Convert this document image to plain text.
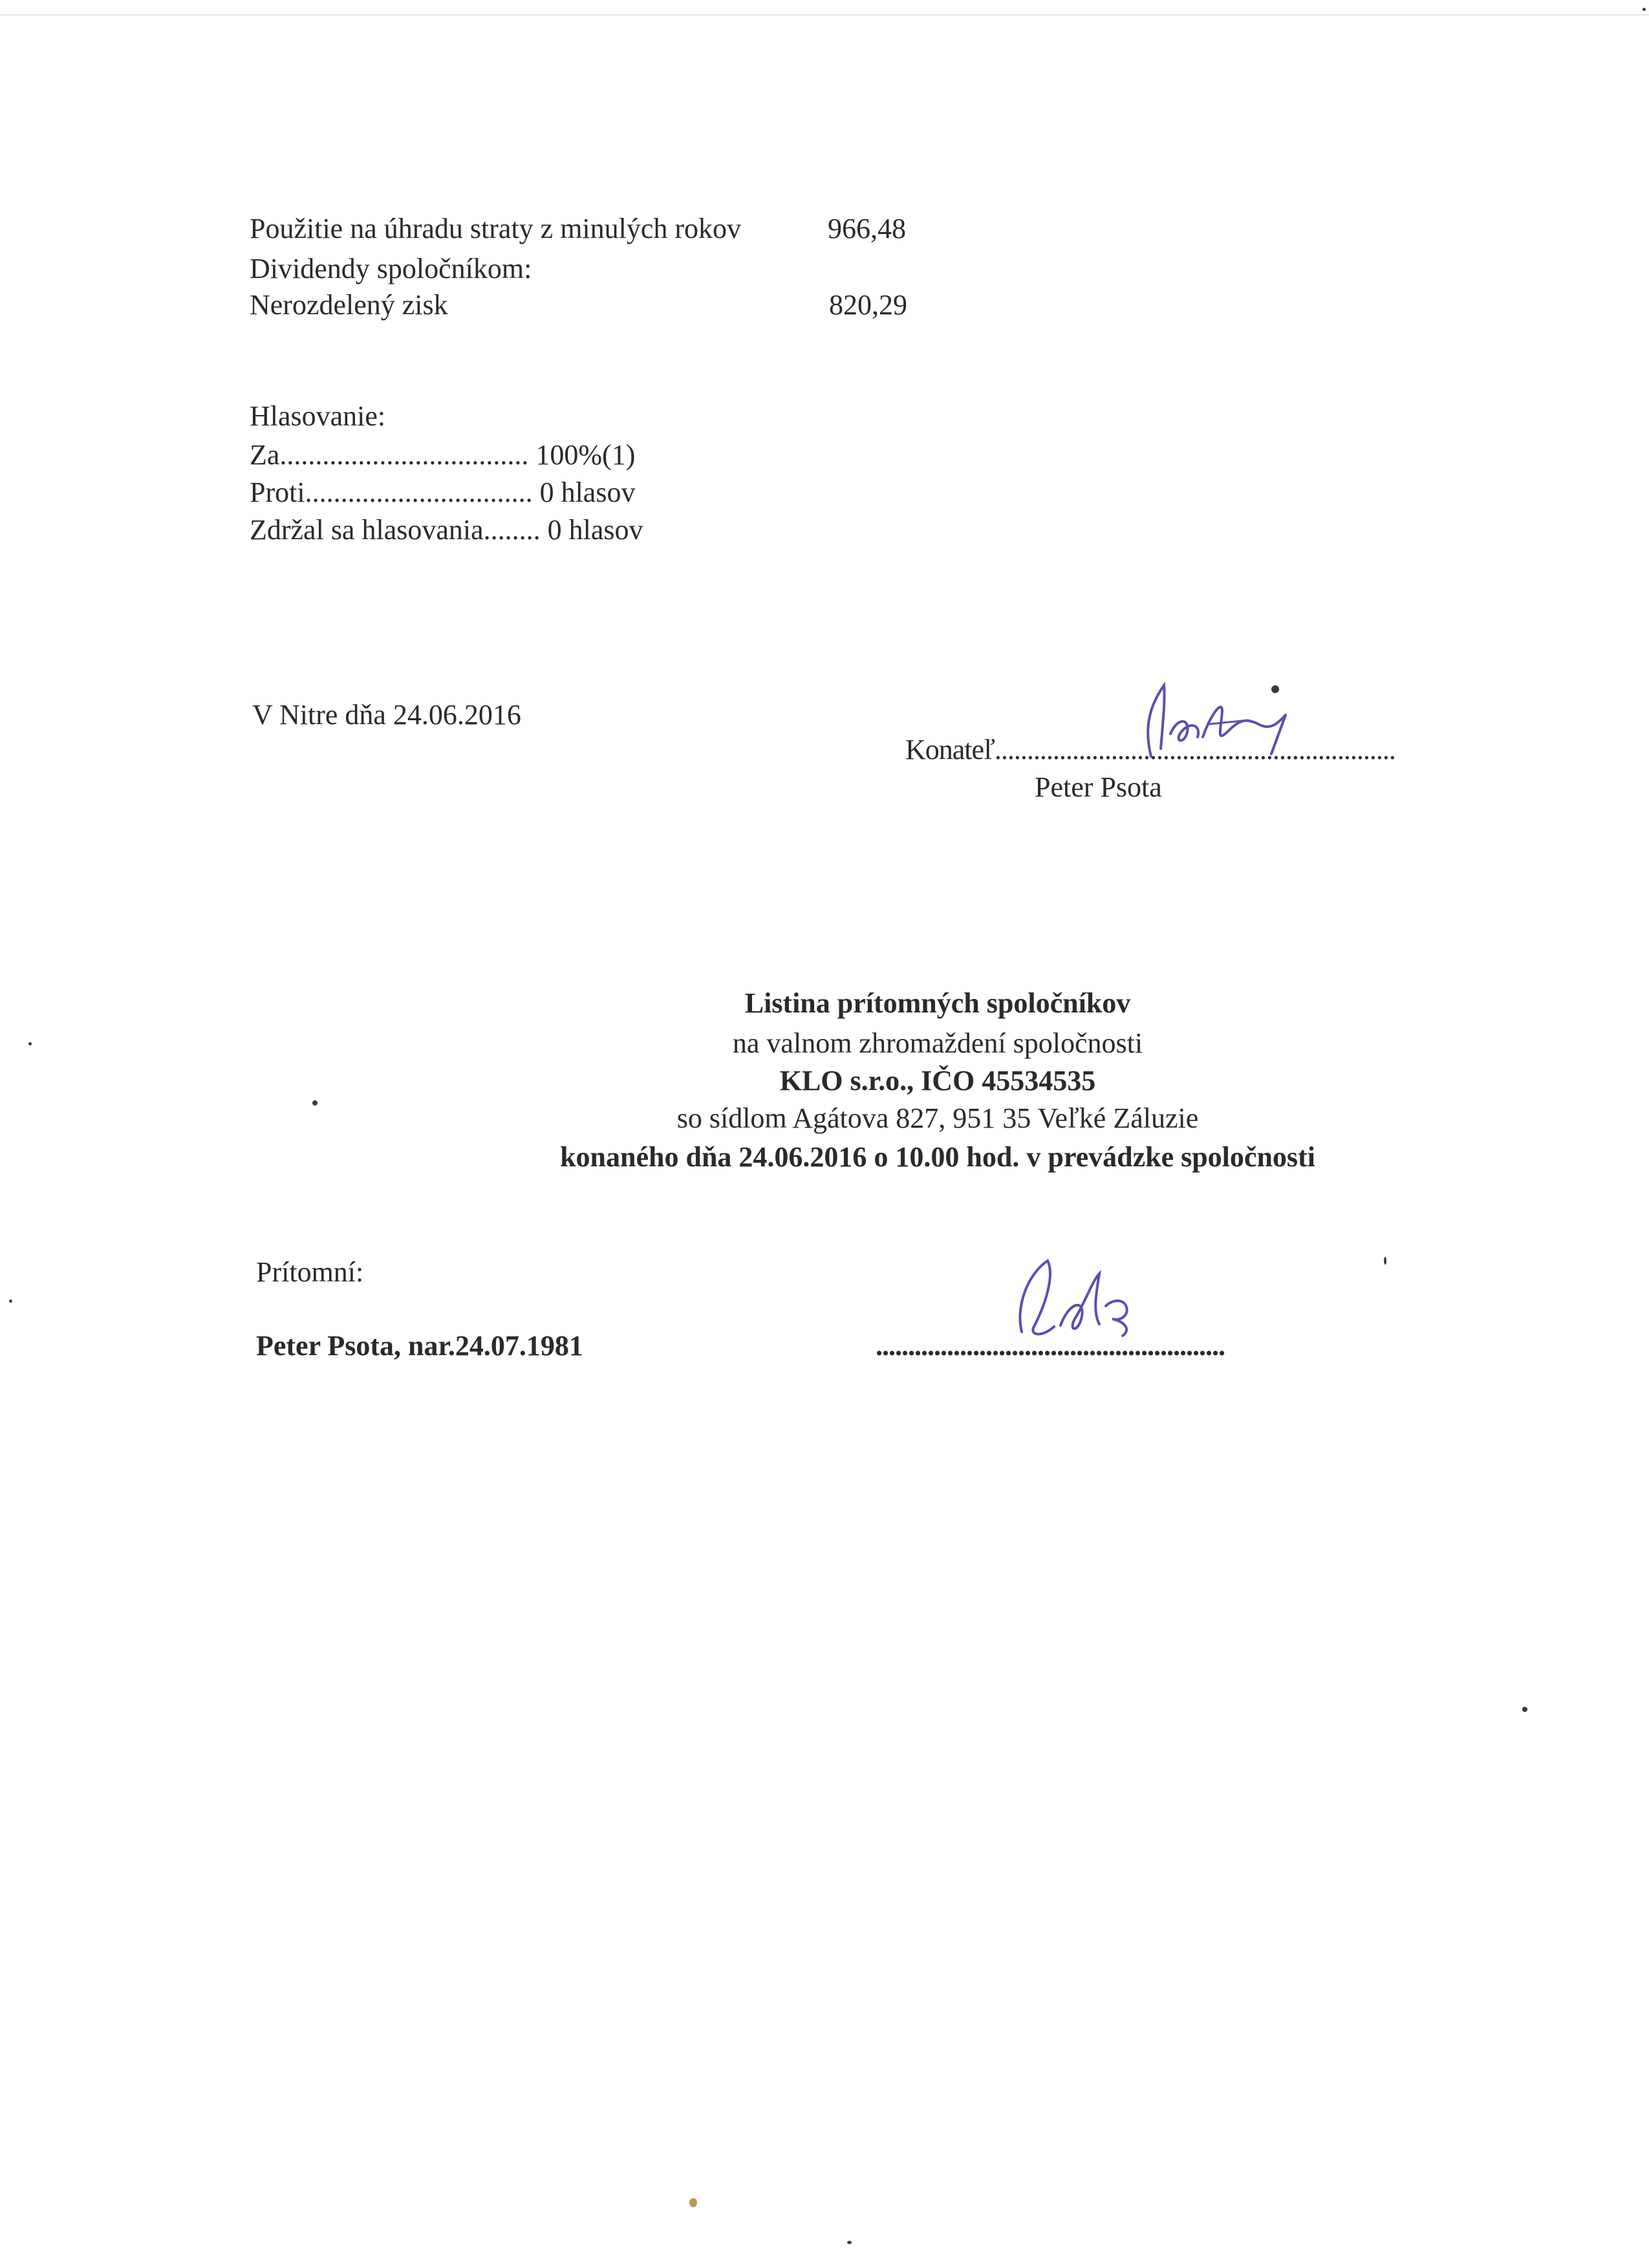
Použitie na úhradu straty z minulých rokov	966,48
Dividendy spoločníkom:
Nerozdelený zisk	820,29
Hlasovanie:
Za................................... 100%(1)
Proti................................ 0 hlasov
Zdržal sa hlasovania........ 0 hlasov
V Nitre dňa 24.06.2016
Konateľ..............................................................
Peter Psota
Listina prítomných spoločníkov
na valnom zhromaždení spoločnosti
KLO s.r.o., IČO 45534535
so sídlom Agátova 827, 951 35 Veľké Záluzie
konaného dňa 24.06.2016 o 10.00 hod. v prevádzke spoločnosti
Prítomní:
Peter Psota, nar.24.07.1981	......................................................
